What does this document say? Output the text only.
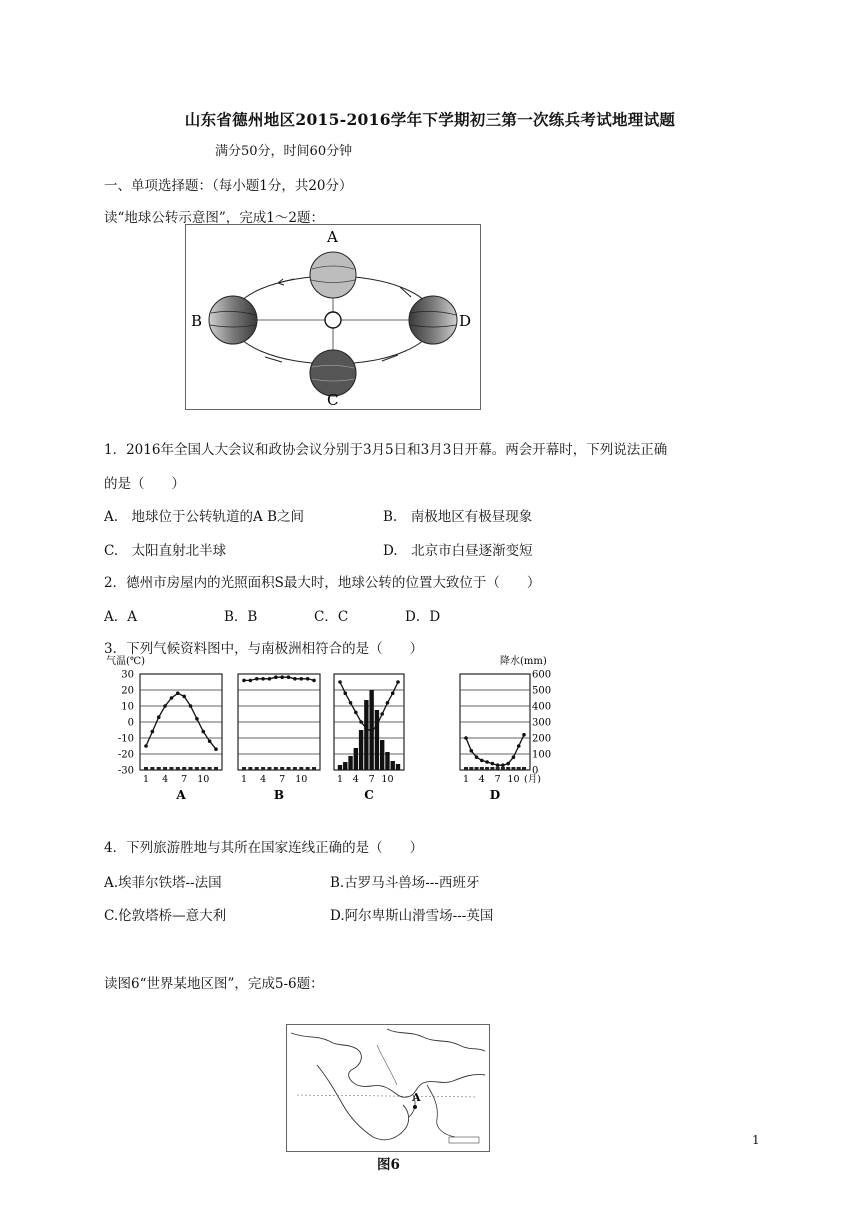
山东省德州地区2015-2016学年下学期初三第一次练兵考试地理试题
满分50分，时间60分钟
一、单项选择题：（每小题1分，共20分）
读“地球公转示意图”，完成1～2题：
A
B
C
D
1．2016年全国人大会议和政协会议分别于3月5日和3月3日开幕。两会开幕时，下列说法正确
的是（　　）
A.　地球位于公转轨道的A B之间	B.　南极地区有极昼现象
C.　太阳直射北半球	D.　北京市白昼逐渐变短
2．德州市房屋内的光照面积S最大时，地球公转的位置大致位于（　　）
A．A	B．B	C．C	D．D
3．下列气候资料图中，与南极洲相符合的是（　　）
气温(℃)	降水(mm)
30
20
10
0
-10
-20
-30
600
500
400
300
200
100
0
1 4 7 10
A
1 4 7 10
B
1 4 7 10
C
1 4 7 10 (月)
D
4．下列旅游胜地与其所在国家连线正确的是（　　）
A.埃菲尔铁塔--法国	B.古罗马斗兽场---西班牙
C.伦敦塔桥—意大利	D.阿尔卑斯山滑雪场---英国
读图6“世界某地区图”，完成5-6题：
A
图6
1
